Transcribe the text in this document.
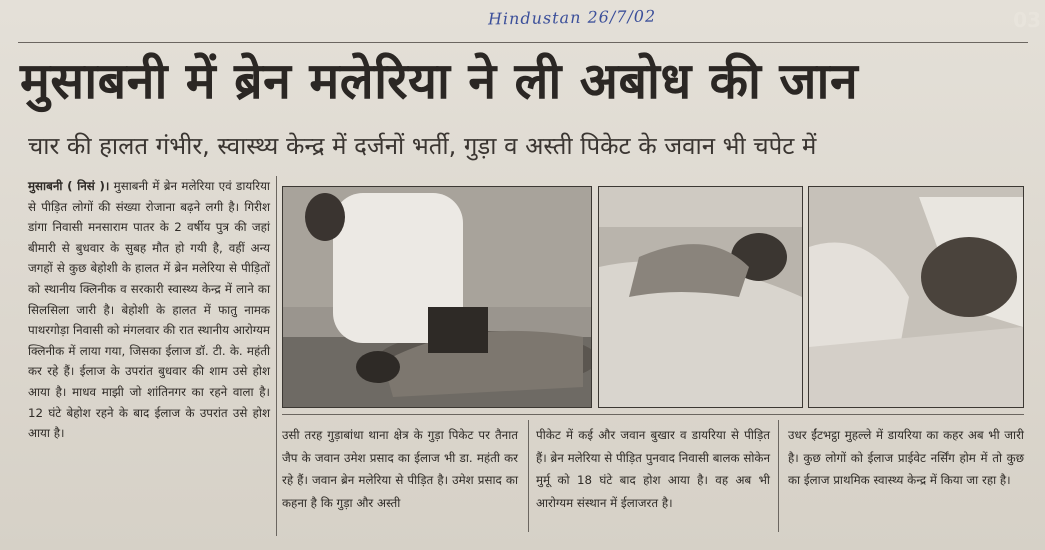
Hindustan 26/7/02	03
मुसाबनी में ब्रेन मलेरिया ने ली अबोध की जान
चार की हालत गंभीर, स्वास्थ्य केन्द्र में दर्जनों भर्ती, गुड़ा व अस्ती पिकेट के जवान भी चपेट में
मुसाबनी ( निसं )। मुसाबनी में ब्रेन मलेरिया एवं डायरिया से पीड़ित लोगों की संख्या रोजाना बढ़ने लगी है। गिरीश डांगा निवासी मनसाराम पातर के 2 वर्षीय पुत्र की जहां बीमारी से बुधवार के सुबह मौत हो गयी है, वहीं अन्य जगहों से कुछ बेहोशी के हालत में ब्रेन मलेरिया से पीड़ितों को स्थानीय क्लिनीक व सरकारी स्वास्थ्य केन्द्र में लाने का सिलसिला जारी है। बेहोशी के हालत में फातु नामक पाथरगोड़ा निवासी को मंगलवार की रात स्थानीय आरोग्यम क्लिनीक में लाया गया, जिसका ईलाज डॉ. टी. के. महंती कर रहे हैं। ईलाज के उपरांत बुधवार की शाम उसे होश आया है। माधव माझी जो शांतिनगर का रहने वाला है। 12 घंटे बेहोश रहने के बाद ईलाज के उपरांत उसे होश आया है।	उसी तरह गुड़ाबांधा थाना क्षेत्र के गुड़ा पिकेट पर तैनात जैप के जवान उमेश प्रसाद का ईलाज भी डा. महंती कर रहे हैं। जवान ब्रेन मलेरिया से पीड़ित है। उमेश प्रसाद का कहना है कि गुड़ा और अस्ती
पीकेट में कई और जवान बुखार व डायरिया से पीड़ित हैं। ब्रेन मलेरिया से पीड़ित पुनवाद निवासी बालक सोकेन मुर्मू को 18 घंटे बाद होश आया है। वह अब भी आरोग्यम संस्थान में ईलाजरत है।
उधर ईंटभट्ठा मुहल्ले में डायरिया का कहर अब भी जारी है। कुछ लोगों को ईलाज प्राईवेट नर्सिंग होम में तो कुछ का ईलाज प्राथमिक स्वास्थ्य केन्द्र में किया जा रहा है।
